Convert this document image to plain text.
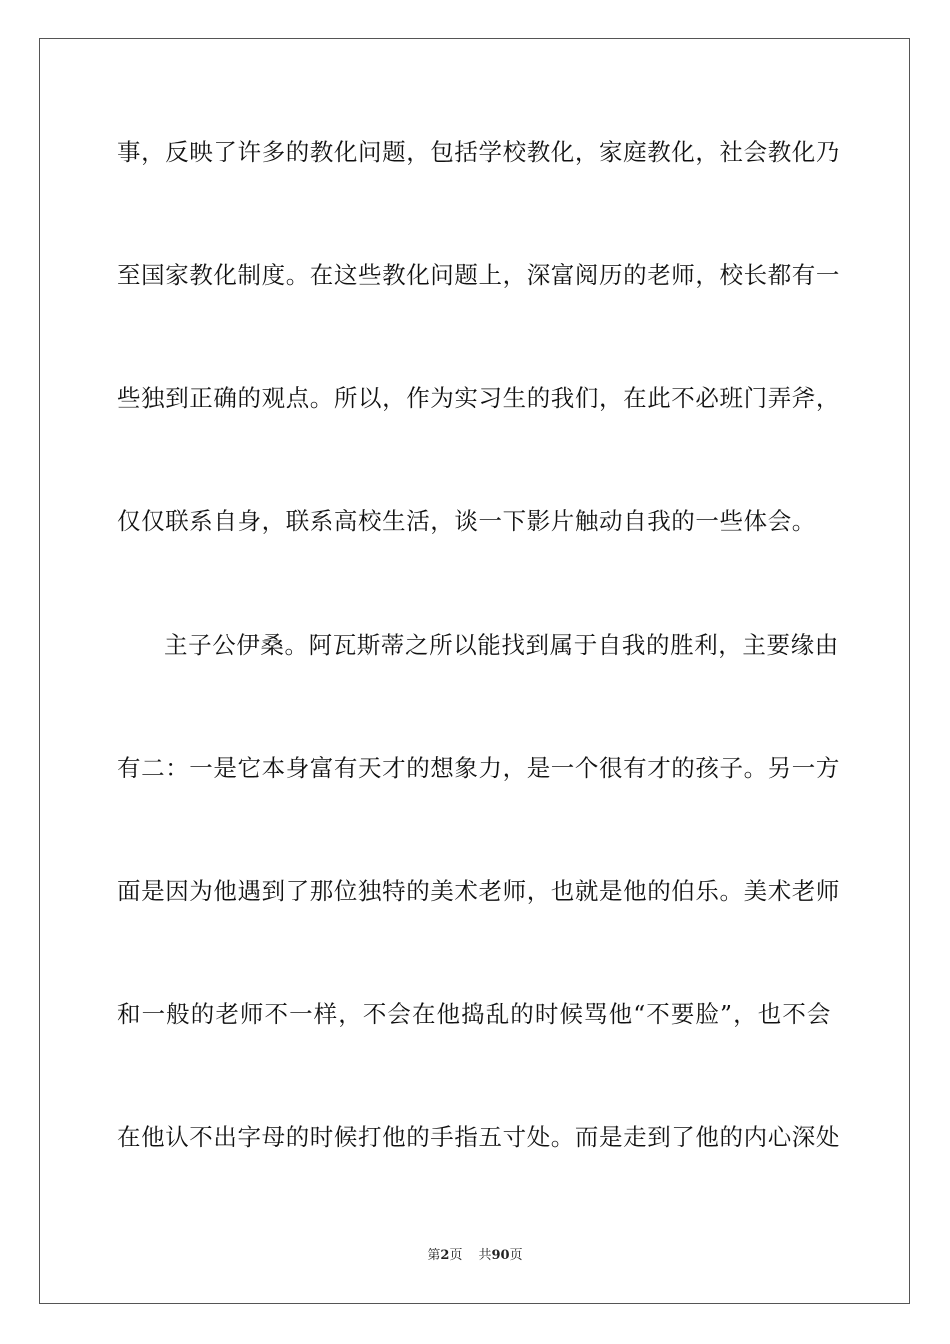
事，反映了许多的教化问题，包括学校教化，家庭教化，社会教化乃
至国家教化制度。在这些教化问题上，深富阅历的老师，校长都有一
些独到正确的观点。所以，作为实习生的我们，在此不必班门弄斧，
仅仅联系自身，联系高校生活，谈一下影片触动自我的一些体会。
主子公伊桑。阿瓦斯蒂之所以能找到属于自我的胜利，主要缘由
有二：一是它本身富有天才的想象力，是一个很有才的孩子。另一方
面是因为他遇到了那位独特的美术老师，也就是他的伯乐。美术老师
和一般的老师不一样，不会在他捣乱的时候骂他“不要脸”，也不会
在他认不出字母的时候打他的手指五寸处。而是走到了他的内心深处
第2页 共90页
